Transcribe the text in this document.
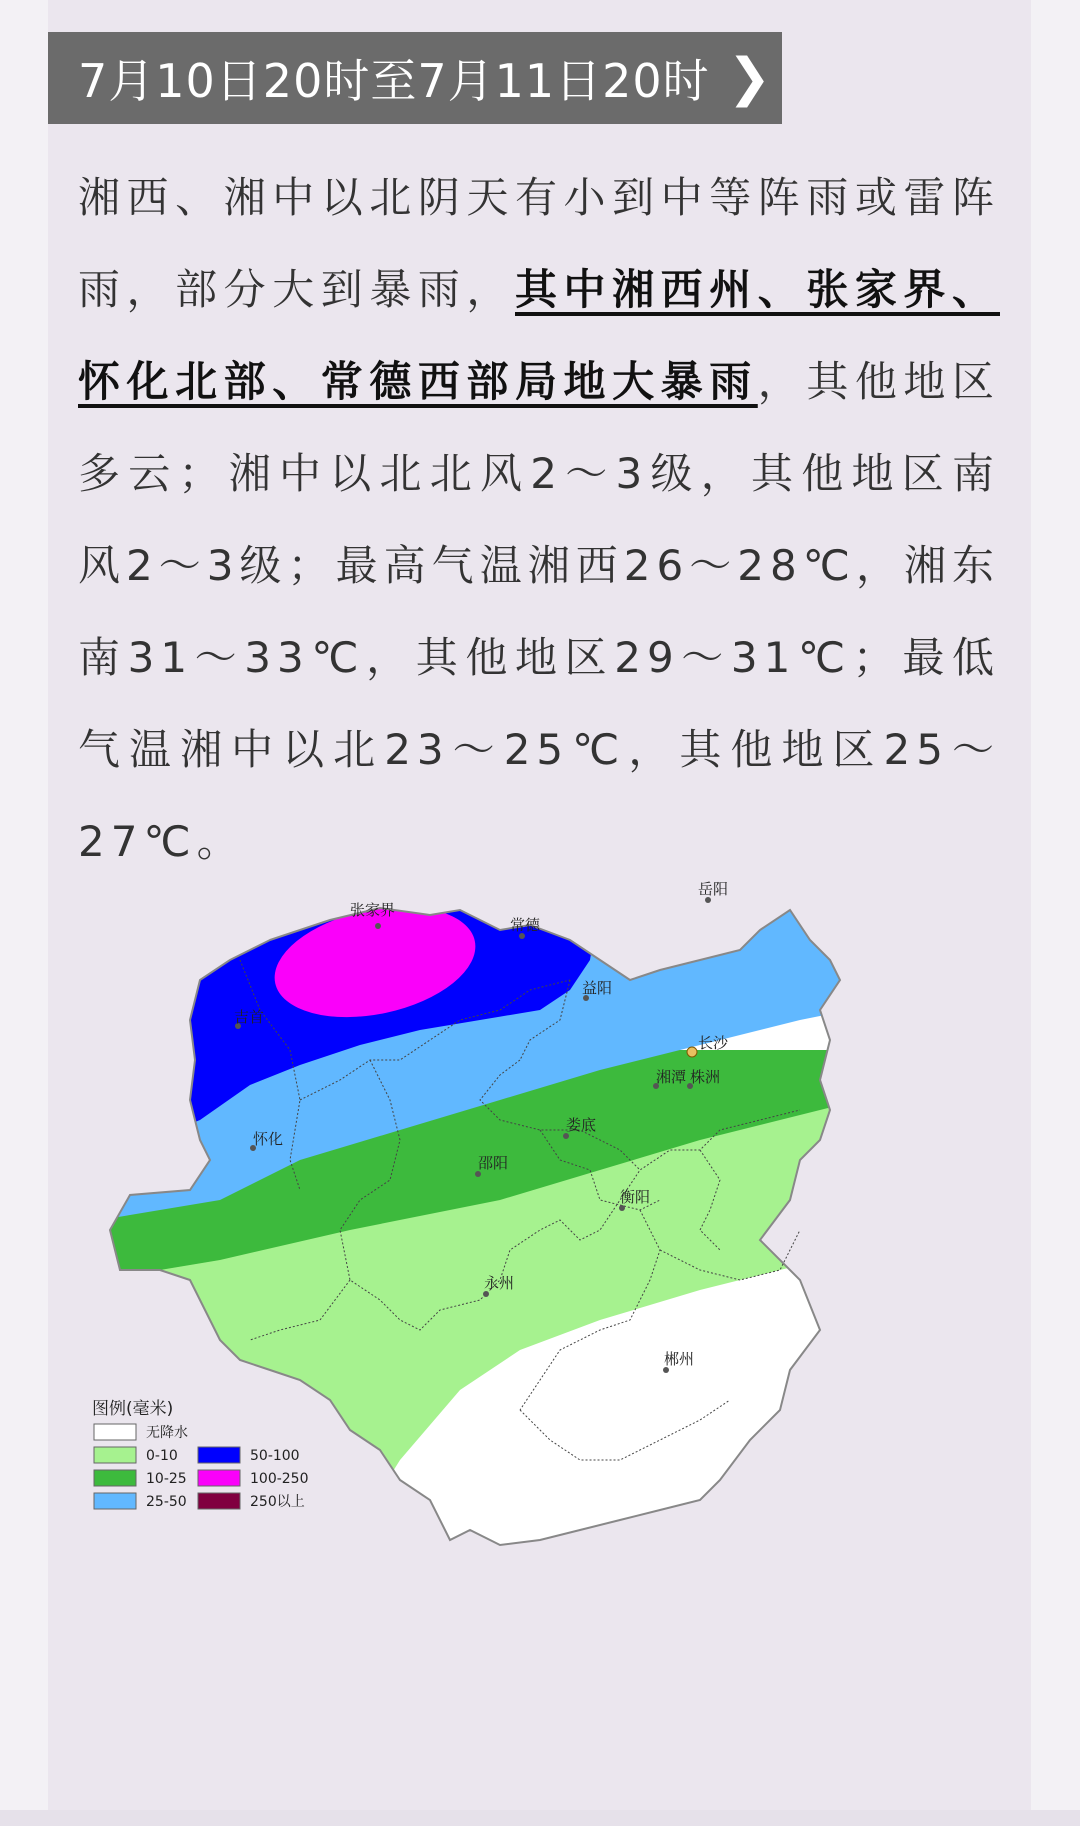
7月10日20时至7月11日20时 ❯
湘西、湘中以北阴天有小到中等阵雨或雷阵雨，部分大到暴雨，其中湘西州、张家界、怀化北部、常德西部局地大暴雨，其他地区多云；湘中以北北风2～3级，其他地区南风2～3级；最高气温湘西26～28℃，湘东南31～33℃，其他地区29～31℃；最低气温湘中以北23～25℃，其他地区25～27℃。
张家界
常德
岳阳
益阳
吉首
长沙
湘潭 株洲
怀化
娄底
邵阳
衡阳
永州
郴州
图例(毫米)
无降水
0-10
10-25
25-50
50-100
100-250
250以上
